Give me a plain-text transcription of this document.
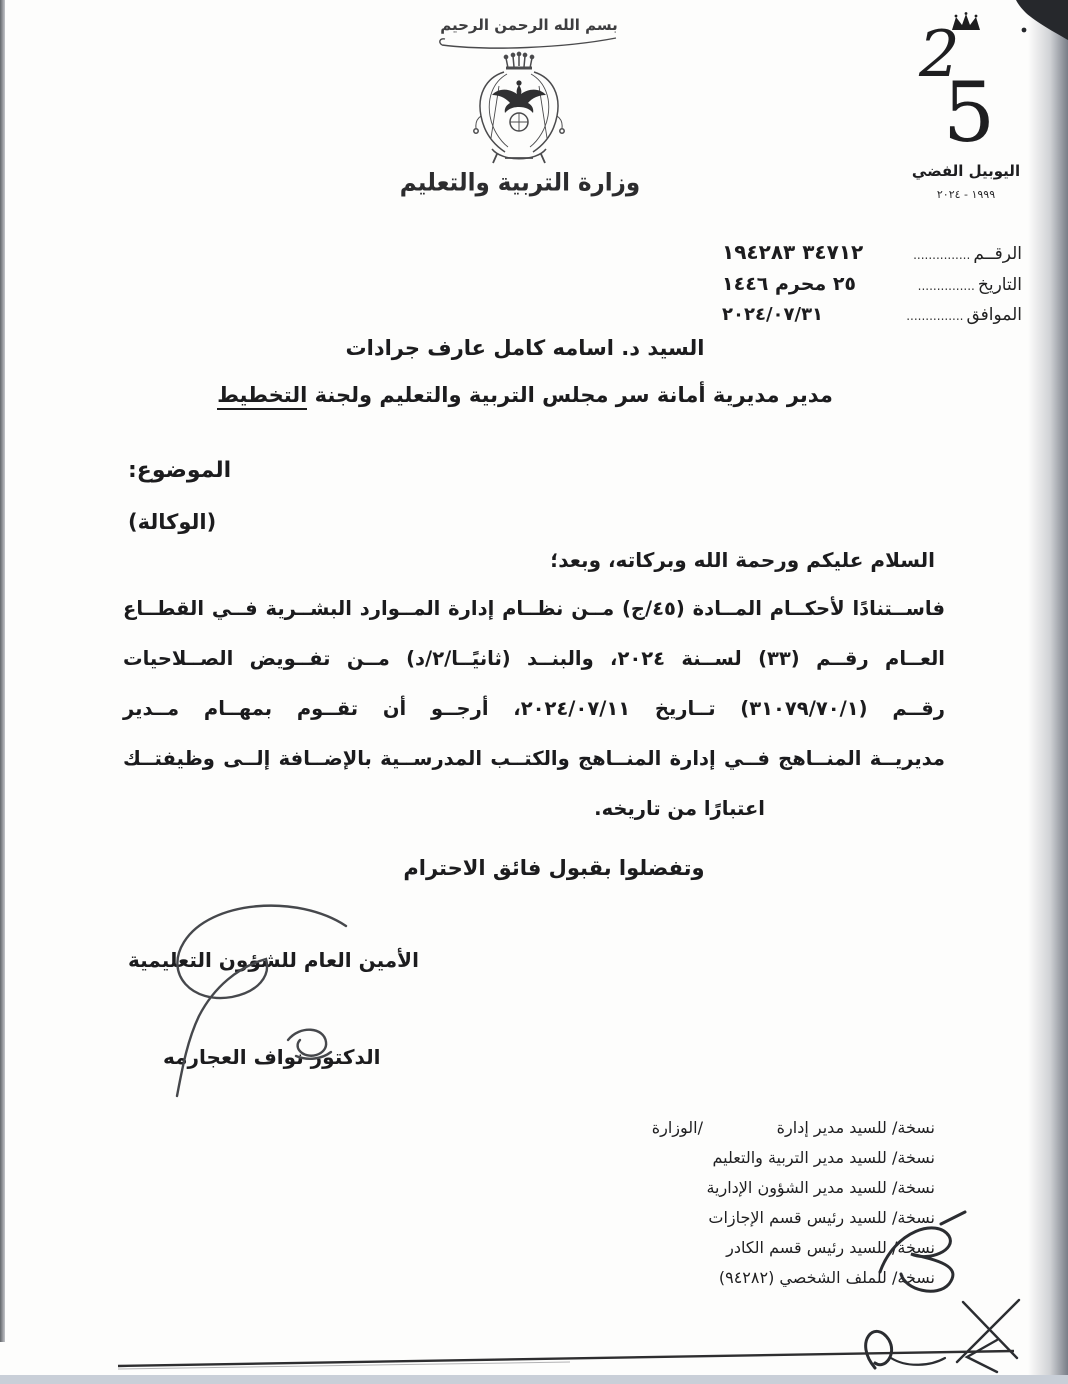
بسم الله الرحمن الرحيم
وزارة التربية والتعليم
2
5
اليوبيل الفضي
١٩٩٩ - ٢٠٢٤
الرقــم
...............
٣٤٧١٢ ١٩٤٢٨٣
التاريخ
...............
٢٥ محرم ١٤٤٦
الموافق
...............
٢٠٢٤/٠٧/٣١
السيد د. اسامه كامل عارف جرادات
مدير مديرية أمانة سر مجلس التربية والتعليم ولجنة التخطيط
الموضوع:
(الوكالة)
السلام عليكم ورحمة الله وبركاته، وبعد؛
فاســتنادًا لأحكــام المــادة (٤٥/ج) مــن نظــام إدارة المــوارد البشــرية فــي القطــاع
العــام رقــم (٣٣) لســنة ٢٠٢٤، والبنــد (ثانيًــا/٢/د) مــن تفــويض الصــلاحيات
رقــم (٣١٠٧٩/٧٠/١) تــاريخ ٢٠٢٤/٠٧/١١، أرجــو أن تقــوم بمهــام مــدير
مديريــة المنــاهج فــي إدارة المنــاهج والكتــب المدرســية بالإضــافة إلــى وظيفتــك
اعتبارًا من تاريخه.
وتفضلوا بقبول فائق الاحترام
الأمين العام للشؤون التعليمية
الدكتور نواف العجارمه
نسخة/ للسيد مدير إدارة
نسخة/ للسيد مدير التربية والتعليم
نسخة/ للسيد مدير الشؤون الإدارية
نسخة/ للسيد رئيس قسم الإجازات
نسخة/ للسيد رئيس قسم الكادر
نسخة/ للملف الشخصي (٩٤٢٨٢)
/الوزارة
